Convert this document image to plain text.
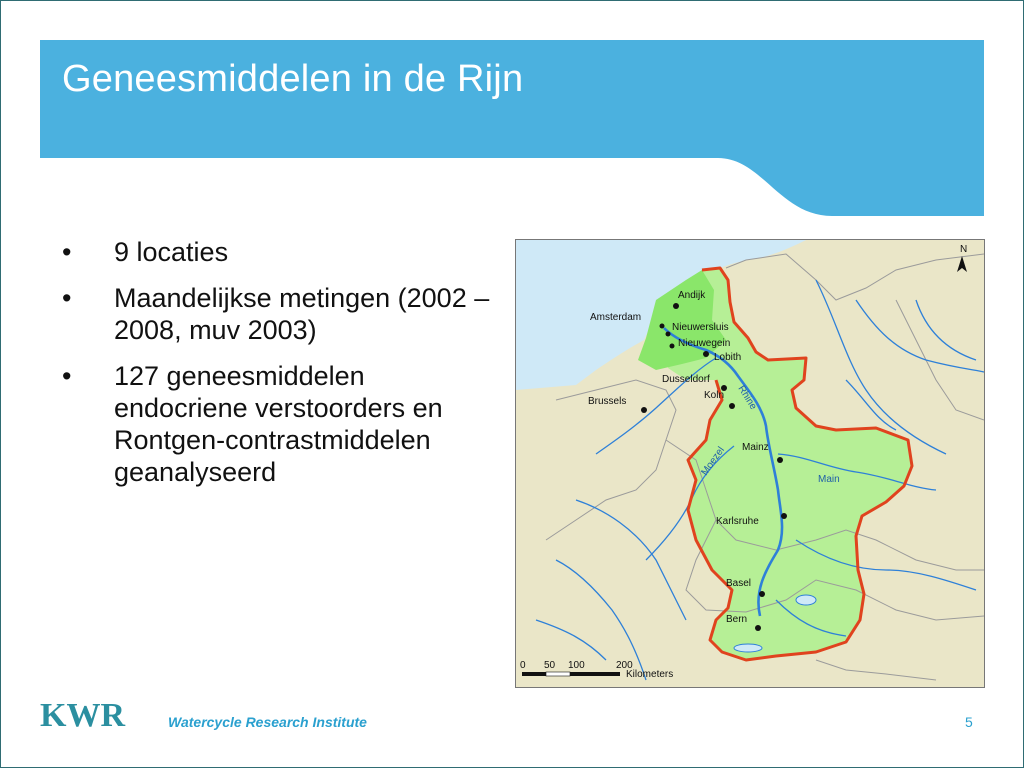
Geneesmiddelen in de Rijn
• 9 locaties
• Maandelijkse metingen (2002 – 2008, muv 2003)
• 127 geneesmiddelen endocriene verstoorders en Rontgen-contrastmiddelen geanalyseerd
N
Andijk
Amsterdam
Nieuwersluis
Nieuwegein
Lobith
Dusseldorf
Koln
Brussels
Mainz
Karlsruhe
Basel
Bern
Rhine
Moezel
Main
0 50 100	200
Kilometers
KWR	Watercycle Research Institute	5
